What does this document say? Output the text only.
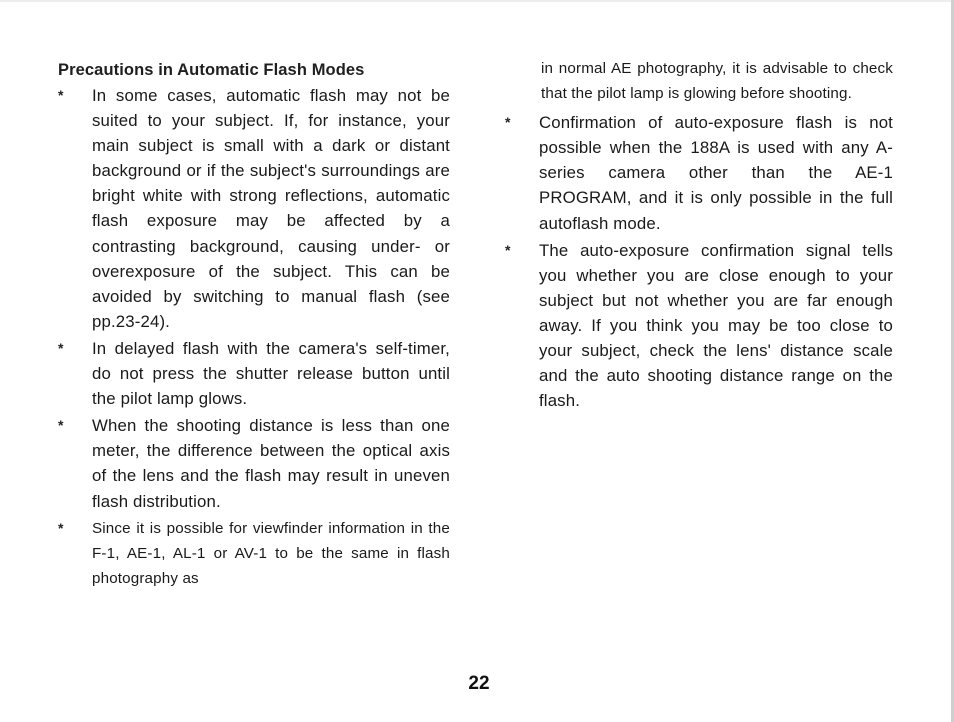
Precautions in Automatic Flash Modes
*	In some cases, automatic flash may not be suited to your subject. If, for instance, your main subject is small with a dark or distant background or if the subject's surroundings are bright white with strong reflections, automatic flash exposure may be affected by a contrasting background, causing under- or overexposure of the subject. This can be avoided by switching to manual flash (see pp.23-24).
*	In delayed flash with the camera's self-timer, do not press the shutter release button until the pilot lamp glows.
*	When the shooting distance is less than one meter, the difference between the optical axis of the lens and the flash may result in uneven flash distribution.
*	Since it is possible for viewfinder information in the F-1, AE-1, AL-1 or AV-1 to be the same in flash photography as
in normal AE photography, it is advisable to check that the pilot lamp is glowing before shooting.
*	Confirmation of auto-exposure flash is not possible when the 188A is used with any A-series camera other than the AE-1 PROGRAM, and it is only possible in the full autoflash mode.
*	The auto-exposure confirmation signal tells you whether you are close enough to your subject but not whether you are far enough away. If you think you may be too close to your subject, check the lens' distance scale and the auto shooting distance range on the flash.
22
